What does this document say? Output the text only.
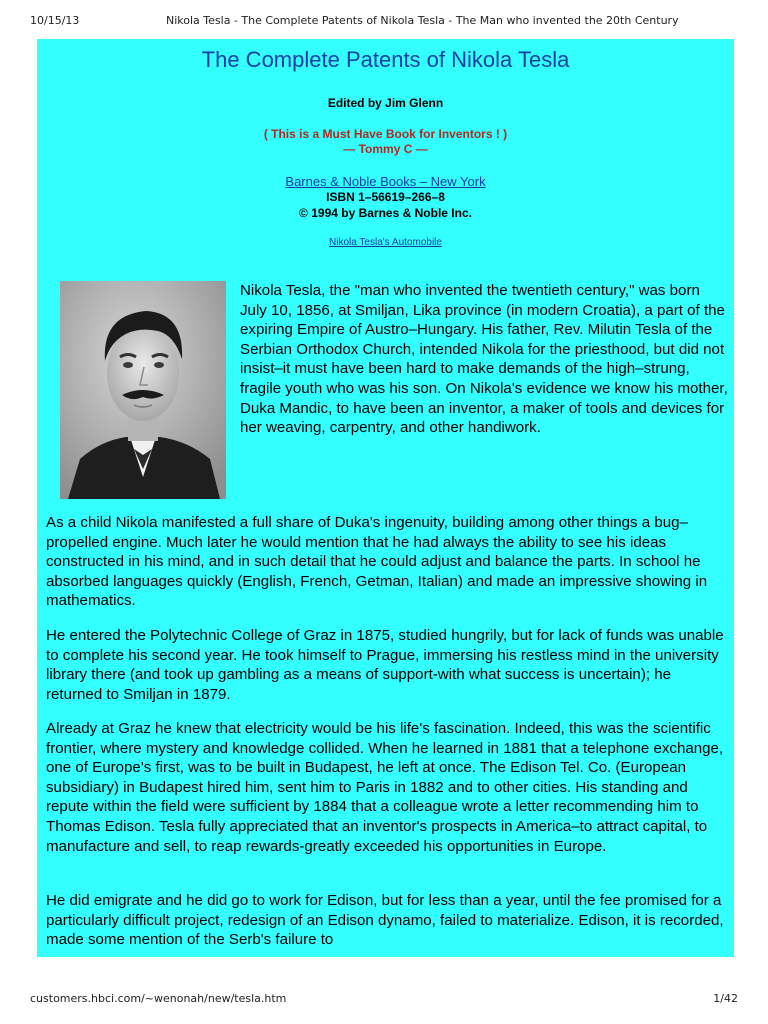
10/15/13	Nikola Tesla - The Complete Patents of Nikola Tesla - The Man who invented the 20th Century
The Complete Patents of Nikola Tesla
Edited by Jim Glenn
( This is a Must Have Book for Inventors ! )
— Tommy C —
Barnes & Noble Books – New York
ISBN 1–56619–266–8
© 1994 by Barnes & Noble Inc.
Nikola Tesla's Automobile
Nikola Tesla, the "man who invented the twentieth century," was born July 10, 1856, at Smiljan, Lika province (in modern Croatia), a part of the expiring Empire of Austro–Hungary. His father, Rev. Milutin Tesla of the Serbian Orthodox Church, intended Nikola for the priesthood, but did not insist–it must have been hard to make demands of the high–strung, fragile youth who was his son. On Nikola's evidence we know his mother, Duka Mandic, to have been an inventor, a maker of tools and devices for her weaving, carpentry, and other handiwork.

As a child Nikola manifested a full share of Duka's ingenuity, building among other things a bug–propelled engine. Much later he would mention that he had always the ability to see his ideas constructed in his mind, and in such detail that he could adjust and balance the parts. In school he absorbed languages quickly (English, French, Getman, Italian) and made an impressive showing in mathematics.

He entered the Polytechnic College of Graz in 1875, studied hungrily, but for lack of funds was unable to complete his second year. He took himself to Prague, immersing his restless mind in the university library there (and took up gambling as a means of support-with what success is uncertain); he returned to Smiljan in 1879.

Already at Graz he knew that electricity would be his life's fascination. Indeed, this was the scientific frontier, where mystery and knowledge collided. When he learned in 1881 that a telephone exchange, one of Europe's first, was to be built in Budapest, he left at once. The Edison Tel. Co. (European subsidiary) in Budapest hired him, sent him to Paris in 1882 and to other cities. His standing and repute within the field were sufficient by 1884 that a colleague wrote a letter recommending him to Thomas Edison. Tesla fully appreciated that an inventor's prospects in America–to attract capital, to manufacture and sell, to reap rewards-greatly exceeded his opportunities in Europe.

He did emigrate and he did go to work for Edison, but for less than a year, until the fee promised for a particularly difficult project, redesign of an Edison dynamo, failed to materialize. Edison, it is recorded, made some mention of the Serb's failure to

customers.hbci.com/~wenonah/new/tesla.htm	1/42
